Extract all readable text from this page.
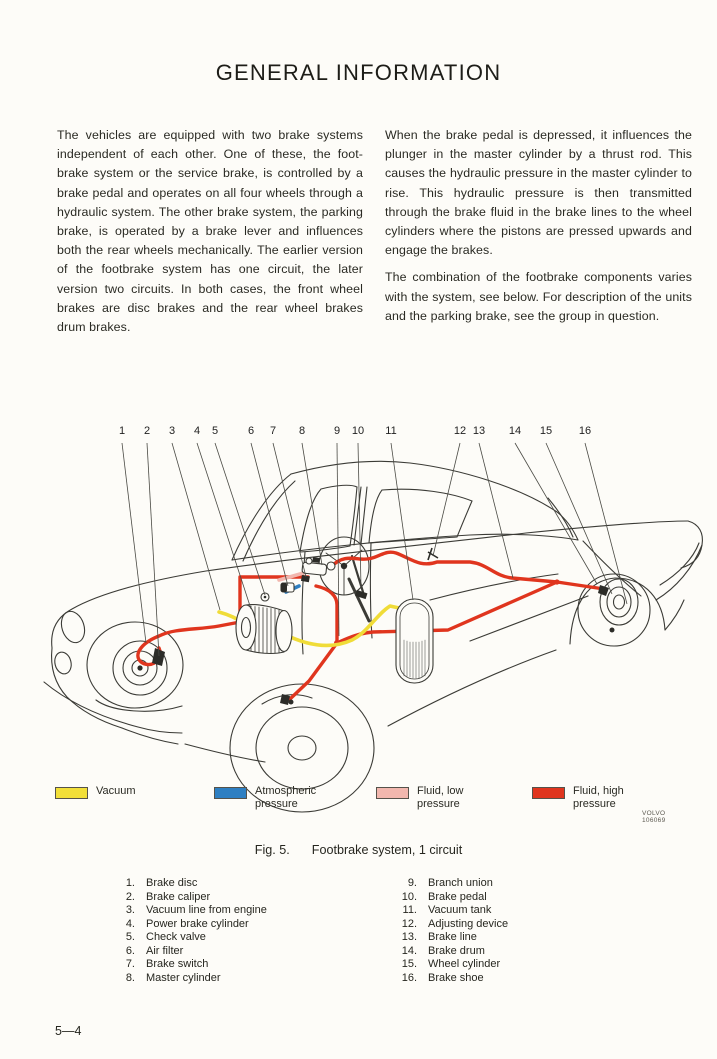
GENERAL INFORMATION

The vehicles are equipped with two brake systems independent of each other. One of these, the foot-brake system or the service brake, is controlled by a brake pedal and operates on all four wheels through a hydraulic system. The other brake system, the parking brake, is operated by a brake lever and influences both the rear wheels mechanically. The earlier version of the footbrake system has one circuit, the later version two circuits. In both cases, the front wheel brakes are disc brakes and the rear wheel brakes drum brakes.

When the brake pedal is depressed, it influences the plunger in the master cylinder by a thrust rod. This causes the hydraulic pressure in the master cylinder to rise. This hydraulic pressure is then transmitted through the brake fluid in the brake lines to the wheel cylinders where the pistons are pressed upwards and engage the brakes.

The combination of the footbrake components varies with the system, see below. For description of the units and the parking brake, see the group in question.

1 2 3 4 5	6 7 8	9 10 11	12 13 14 15 16
Vacuum	Atmospheric pressure
Fluid, low pressure
Fluid, high pressure
VOLVO
106069
Fig. 5. Footbrake system, 1 circuit
1. Brake disc
2. Brake caliper
3. Vacuum line from engine
4. Power brake cylinder
5. Check valve
6. Air filter
7. Brake switch
8. Master cylinder
9. Branch union
10. Brake pedal
11. Vacuum tank
12. Adjusting device
13. Brake line
14. Brake drum
15. Wheel cylinder
16. Brake shoe
5—4
